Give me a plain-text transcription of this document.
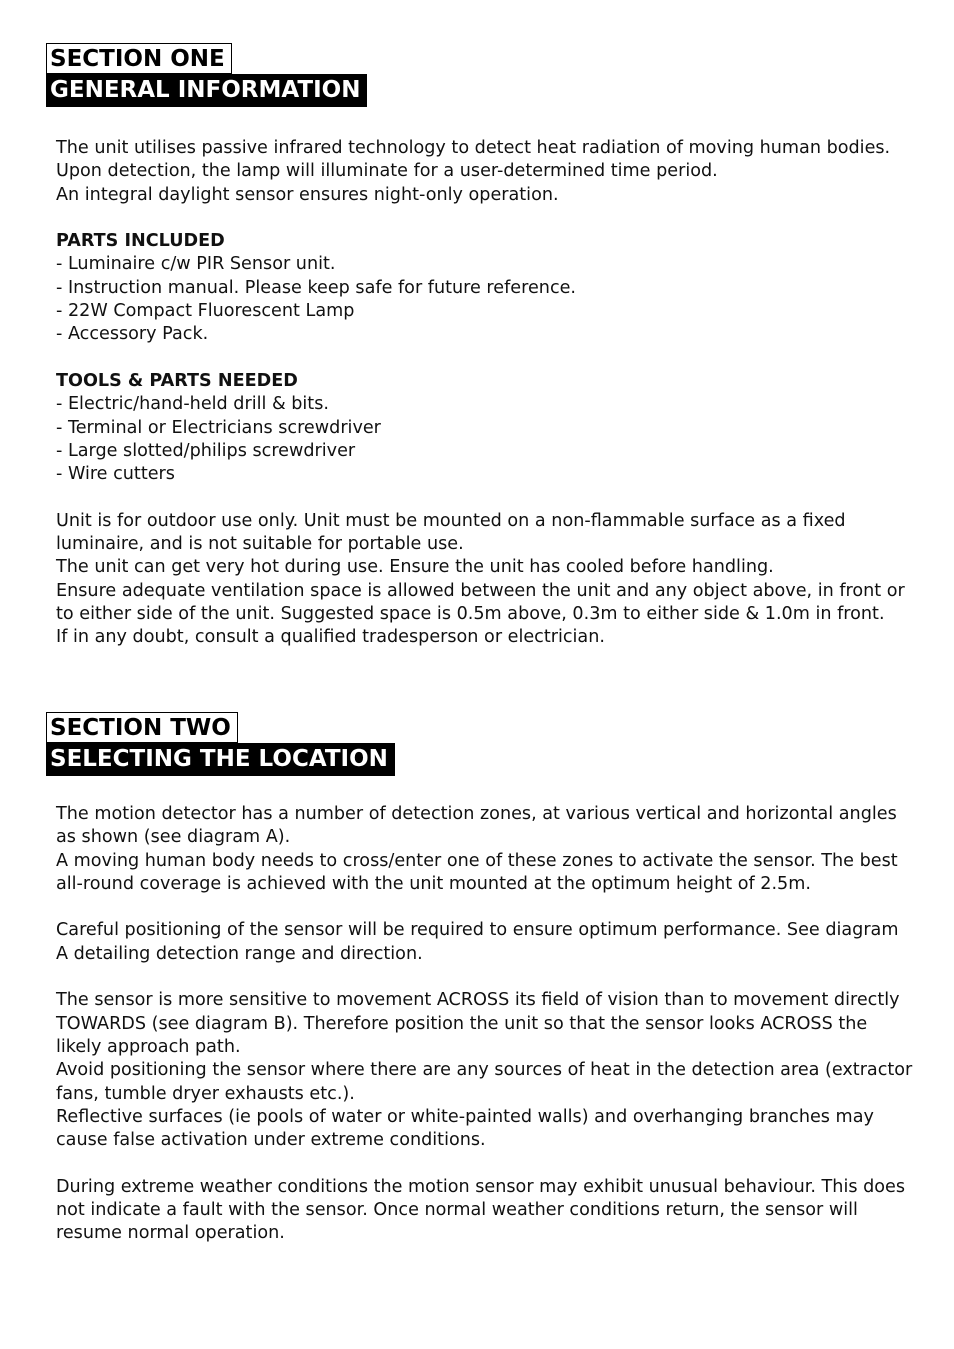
SECTION ONE
GENERAL INFORMATION

The unit utilises passive infrared technology to detect heat radiation of moving human bodies.

Upon detection, the lamp will illuminate for a user-determined time period.

An integral daylight sensor ensures night-only operation.

PARTS INCLUDED

- Luminaire c/w PIR Sensor unit.
- Instruction manual. Please keep safe for future reference.
- 22W Compact Fluorescent Lamp
- Accessory Pack.

TOOLS & PARTS NEEDED

- Electric/hand-held drill & bits.
- Terminal or Electricians screwdriver
- Large slotted/philips screwdriver
- Wire cutters

Unit is for outdoor use only. Unit must be mounted on a non-flammable surface as a fixed luminaire, and is not suitable for portable use.

The unit can get very hot during use. Ensure the unit has cooled before handling.

Ensure adequate ventilation space is allowed between the unit and any object above, in front or to either side of the unit. Suggested space is 0.5m above, 0.3m to either side & 1.0m in front.

If in any doubt, consult a qualified tradesperson or electrician.

SECTION TWO
SELECTING THE LOCATION

The motion detector has a number of detection zones, at various vertical and horizontal angles as shown (see diagram A).

A moving human body needs to cross/enter one of these zones to activate the sensor. The best all-round coverage is achieved with the unit mounted at the optimum height of 2.5m.

Careful positioning of the sensor will be required to ensure optimum performance. See diagram A detailing detection range and direction.

The sensor is more sensitive to movement ACROSS its field of vision than to movement directly TOWARDS (see diagram B). Therefore position the unit so that the sensor looks ACROSS the likely approach path.

Avoid positioning the sensor where there are any sources of heat in the detection area (extractor fans, tumble dryer exhausts etc.).

Reflective surfaces (ie pools of water or white-painted walls) and overhanging branches may cause false activation under extreme conditions.

During extreme weather conditions the motion sensor may exhibit unusual behaviour. This does not indicate a fault with the sensor. Once normal weather conditions return, the sensor will resume normal operation.
